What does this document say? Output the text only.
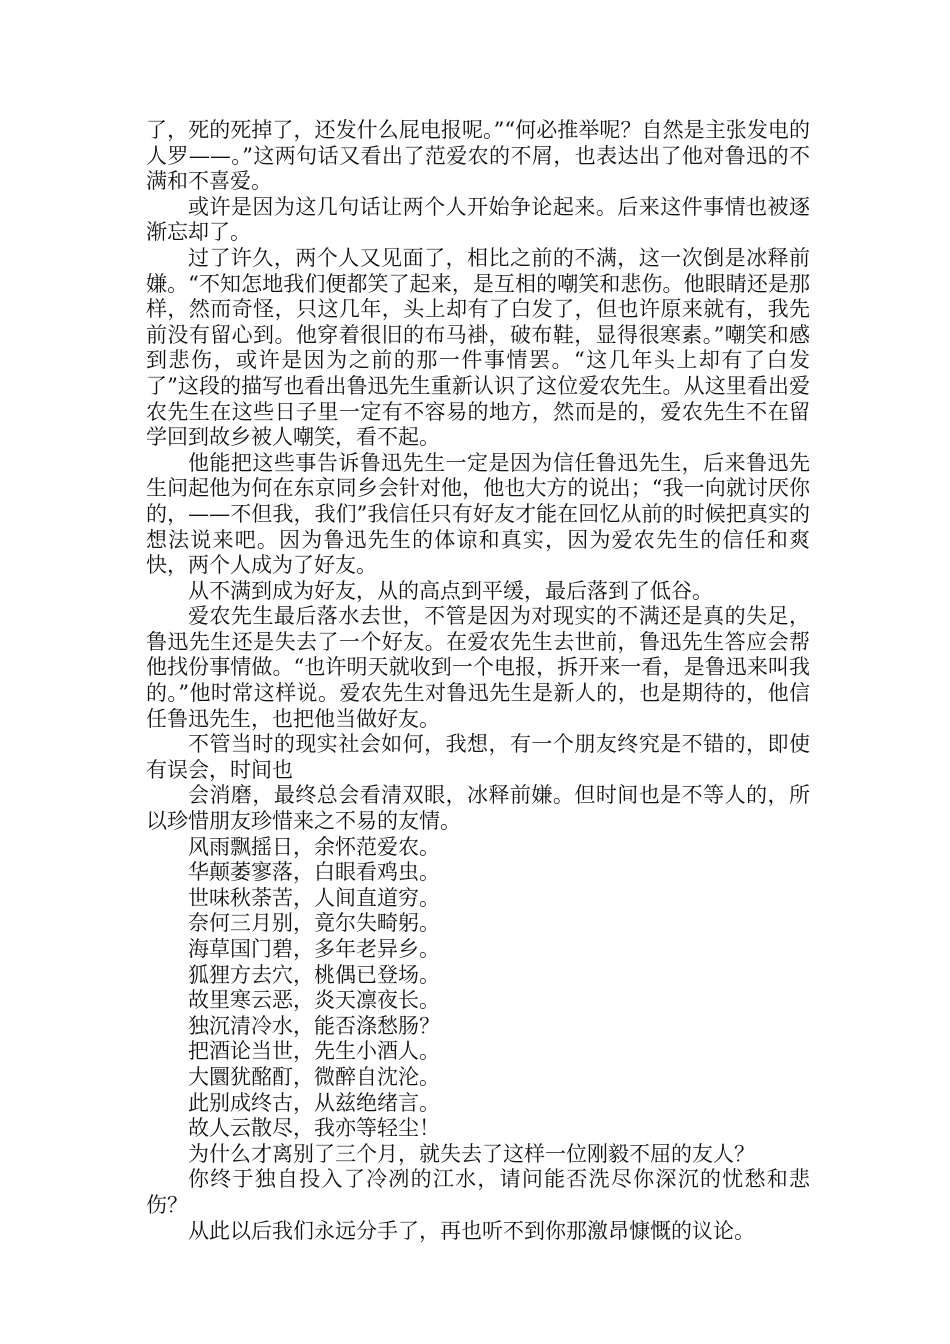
了，死的死掉了，还发什么屁电报呢。”“何必推举呢？自然是主张发电的人罗——。”这两句话又看出了范爱农的不屑，也表达出了他对鲁迅的不满和不喜爱。

或许是因为这几句话让两个人开始争论起来。后来这件事情也被逐渐忘却了。

过了许久，两个人又见面了，相比之前的不满，这一次倒是冰释前嫌。“不知怎地我们便都笑了起来，是互相的嘲笑和悲伤。他眼睛还是那样，然而奇怪，只这几年，头上却有了白发了，但也许原来就有，我先前没有留心到。他穿着很旧的布马褂，破布鞋，显得很寒素。”嘲笑和感到悲伤，或许是因为之前的那一件事情罢。“这几年头上却有了白发了”这段的描写也看出鲁迅先生重新认识了这位爱农先生。从这里看出爱农先生在这些日子里一定有不容易的地方，然而是的，爱农先生不在留学回到故乡被人嘲笑，看不起。

他能把这些事告诉鲁迅先生一定是因为信任鲁迅先生，后来鲁迅先生问起他为何在东京同乡会针对他，他也大方的说出；“我一向就讨厌你的，——不但我，我们”我信任只有好友才能在回忆从前的时候把真实的想法说来吧。因为鲁迅先生的体谅和真实，因为爱农先生的信任和爽快，两个人成为了好友。

从不满到成为好友，从的高点到平缓，最后落到了低谷。

爱农先生最后落水去世，不管是因为对现实的不满还是真的失足，鲁迅先生还是失去了一个好友。在爱农先生去世前，鲁迅先生答应会帮他找份事情做。“也许明天就收到一个电报，拆开来一看，是鲁迅来叫我的。”他时常这样说。爱农先生对鲁迅先生是新人的，也是期待的，他信任鲁迅先生，也把他当做好友。

不管当时的现实社会如何，我想，有一个朋友终究是不错的，即使有误会，时间也

会消磨，最终总会看清双眼，冰释前嫌。但时间也是不等人的，所以珍惜朋友珍惜来之不易的友情。

风雨飘摇日，余怀范爱农。

华颠萎寥落，白眼看鸡虫。

世味秋荼苦，人间直道穷。

奈何三月别，竟尔失畸躬。

海草国门碧，多年老异乡。

狐狸方去穴，桃偶已登场。

故里寒云恶，炎天凛夜长。

独沉清冷水，能否涤愁肠？

把酒论当世，先生小酒人。

大圜犹酩酊，微醉自沈沦。

此别成终古，从兹绝绪言。

故人云散尽，我亦等轻尘！

为什么才离别了三个月，就失去了这样一位刚毅不屈的友人？

你终于独自投入了冷冽的江水，请问能否洗尽你深沉的忧愁和悲伤？

从此以后我们永远分手了，再也听不到你那激昂慷慨的议论。
